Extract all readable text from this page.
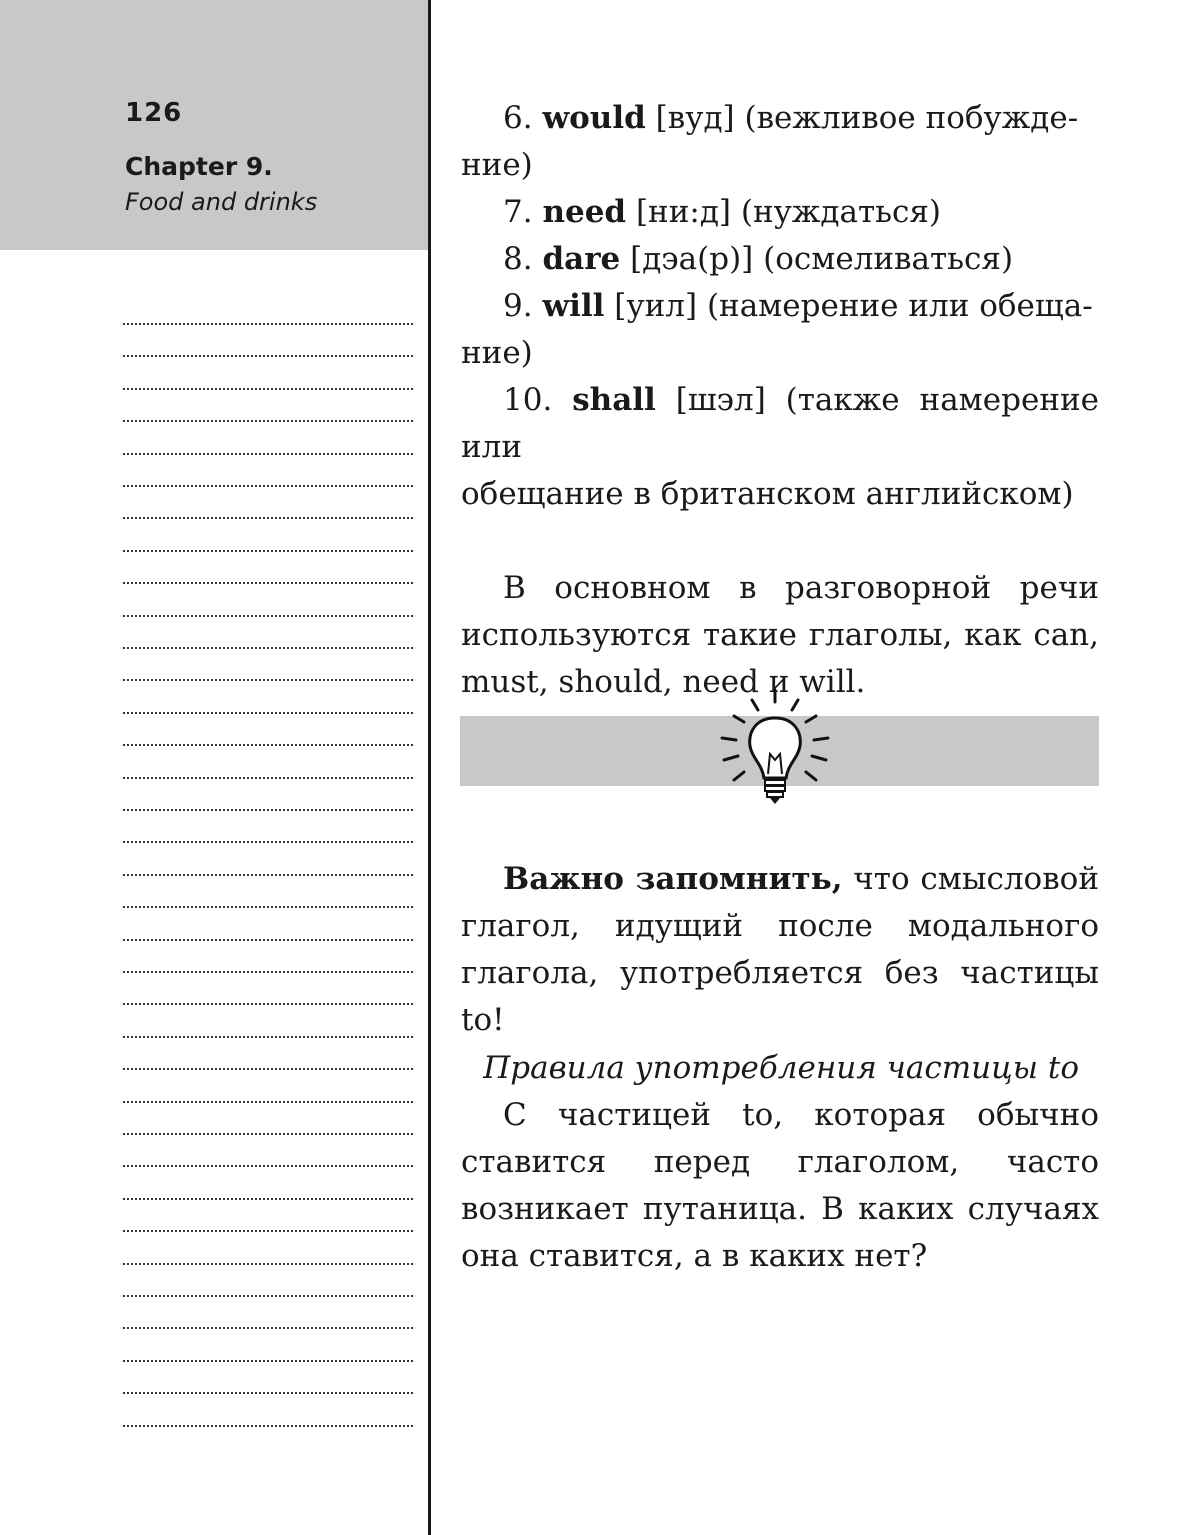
126
Chapter 9.
Food and drinks

6. would [вуд] (вежливое побужде-

ние)

7. need [ни:д] (нуждаться)

8. dare [дэа(р)] (осмеливаться)

9. will [уил] (намерение или обеща-

ние)

10. shall [шэл] (также намерение или

обещание в британском английском)

В основном в разговорной речи используются такие глаголы, как can, must, should, need и will.

Важно запомнить, что смысловой глагол, идущий после модального глагола, употребляется без частицы to!

Правила употребления частицы to

С частицей to, которая обычно ставится перед глаголом, часто возникает путаница. В каких случаях она ставится, а в каких нет?
